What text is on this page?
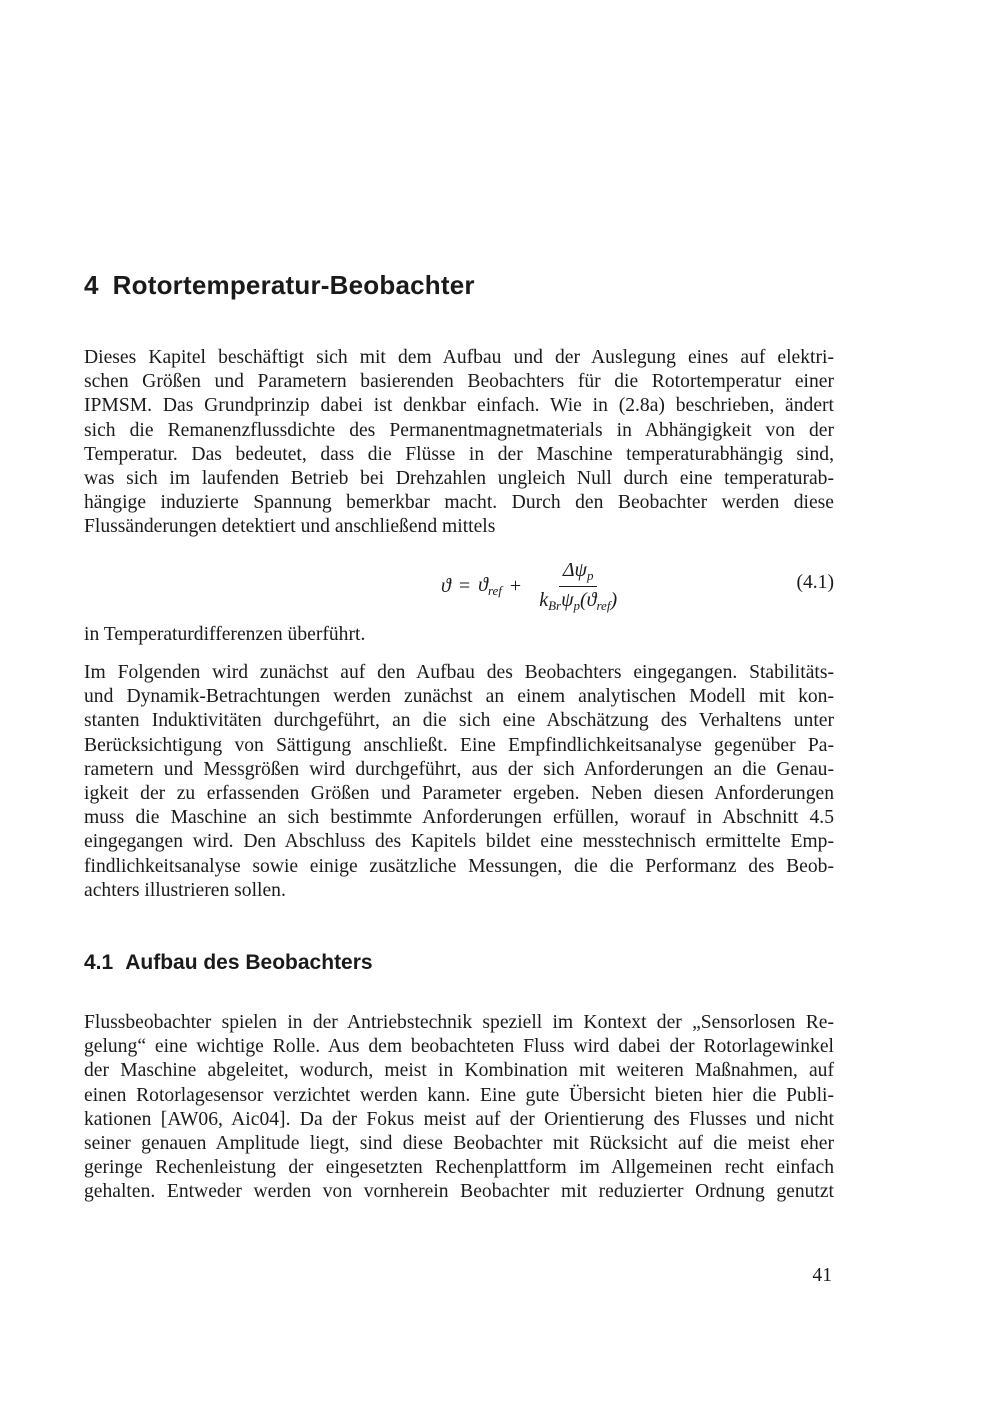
4 Rotortemperatur-Beobachter

Dieses Kapitel beschäftigt sich mit dem Aufbau und der Auslegung eines auf elektri-
schen Größen und Parametern basierenden Beobachters für die Rotortemperatur einer
IPMSM. Das Grundprinzip dabei ist denkbar einfach. Wie in (2.8a) beschrieben, ändert
sich die Remanenzflussdichte des Permanentmagnetmaterials in Abhängigkeit von der
Temperatur. Das bedeutet, dass die Flüsse in der Maschine temperaturabhängig sind,
was sich im laufenden Betrieb bei Drehzahlen ungleich Null durch eine temperaturab-
hängige induzierte Spannung bemerkbar macht. Durch den Beobachter werden diese
Flussänderungen detektiert und anschließend mittels

$ϑ = ϑ_{ref} + \frac{\Delta\psi_p}{k_{Br}\psi_p(ϑ_{ref})}$	(4.1)

in Temperaturdifferenzen überführt.

Im Folgenden wird zunächst auf den Aufbau des Beobachters eingegangen. Stabilitäts-
und Dynamik-Betrachtungen werden zunächst an einem analytischen Modell mit kon-
stanten Induktivitäten durchgeführt, an die sich eine Abschätzung des Verhaltens unter
Berücksichtigung von Sättigung anschließt. Eine Empfindlichkeitsanalyse gegenüber Pa-
rametern und Messgrößen wird durchgeführt, aus der sich Anforderungen an die Genau-
igkeit der zu erfassenden Größen und Parameter ergeben. Neben diesen Anforderungen
muss die Maschine an sich bestimmte Anforderungen erfüllen, worauf in Abschnitt 4.5
eingegangen wird. Den Abschluss des Kapitels bildet eine messtechnisch ermittelte Emp-
findlichkeitsanalyse sowie einige zusätzliche Messungen, die die Performanz des Beob-
achters illustrieren sollen.

4.1 Aufbau des Beobachters

Flussbeobachter spielen in der Antriebstechnik speziell im Kontext der „Sensorlosen Re-
gelung“ eine wichtige Rolle. Aus dem beobachteten Fluss wird dabei der Rotorlagewinkel
der Maschine abgeleitet, wodurch, meist in Kombination mit weiteren Maßnahmen, auf
einen Rotorlagesensor verzichtet werden kann. Eine gute Übersicht bieten hier die Publi-
kationen [AW06, Aic04]. Da der Fokus meist auf der Orientierung des Flusses und nicht
seiner genauen Amplitude liegt, sind diese Beobachter mit Rücksicht auf die meist eher
geringe Rechenleistung der eingesetzten Rechenplattform im Allgemeinen recht einfach
gehalten. Entweder werden von vornherein Beobachter mit reduzierter Ordnung genutzt

41
